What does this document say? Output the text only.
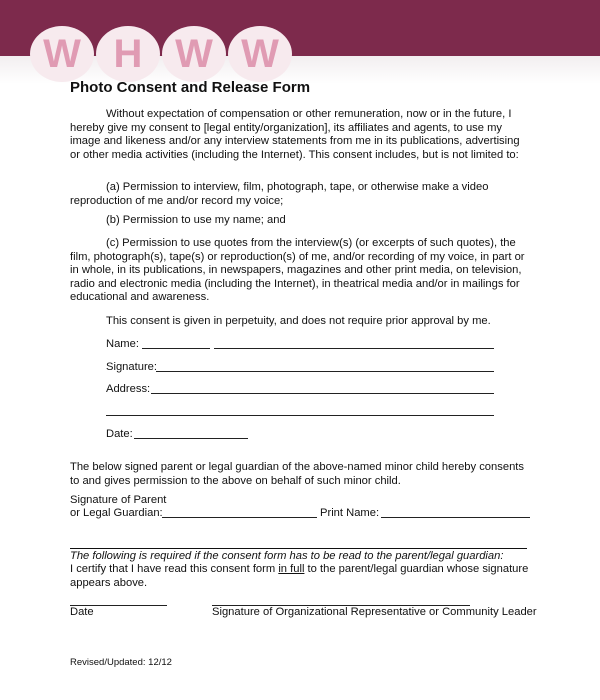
W H W W
Photo Consent and Release Form
Without expectation of compensation or other remuneration, now or in the future, I hereby give my consent to [legal entity/organization], its affiliates and agents, to use my image and likeness and/or any interview statements from me in its publications, advertising or other media activities (including the Internet). This consent includes, but is not limited to:
(a) Permission to interview, film, photograph, tape, or otherwise make a video reproduction of me and/or record my voice;
(b) Permission to use my name; and
(c) Permission to use quotes from the interview(s) (or excerpts of such quotes), the film, photograph(s), tape(s) or reproduction(s) of me, and/or recording of my voice, in part or in whole, in its publications, in newspapers, magazines and other print media, on television, radio and electronic media (including the Internet), in theatrical media and/or in mailings for educational and awareness.
This consent is given in perpetuity, and does not require prior approval by me.
Name:
Signature:
Address:
Date:
The below signed parent or legal guardian of the above-named minor child hereby consents to and gives permission to the above on behalf of such minor child.
Signature of Parent
or Legal Guardian:	Print Name:
The following is required if the consent form has to be read to the parent/legal guardian:
I certify that I have read this consent form in full to the parent/legal guardian whose signature appears above.
Date	Signature of Organizational Representative or Community Leader
Revised/Updated: 12/12
